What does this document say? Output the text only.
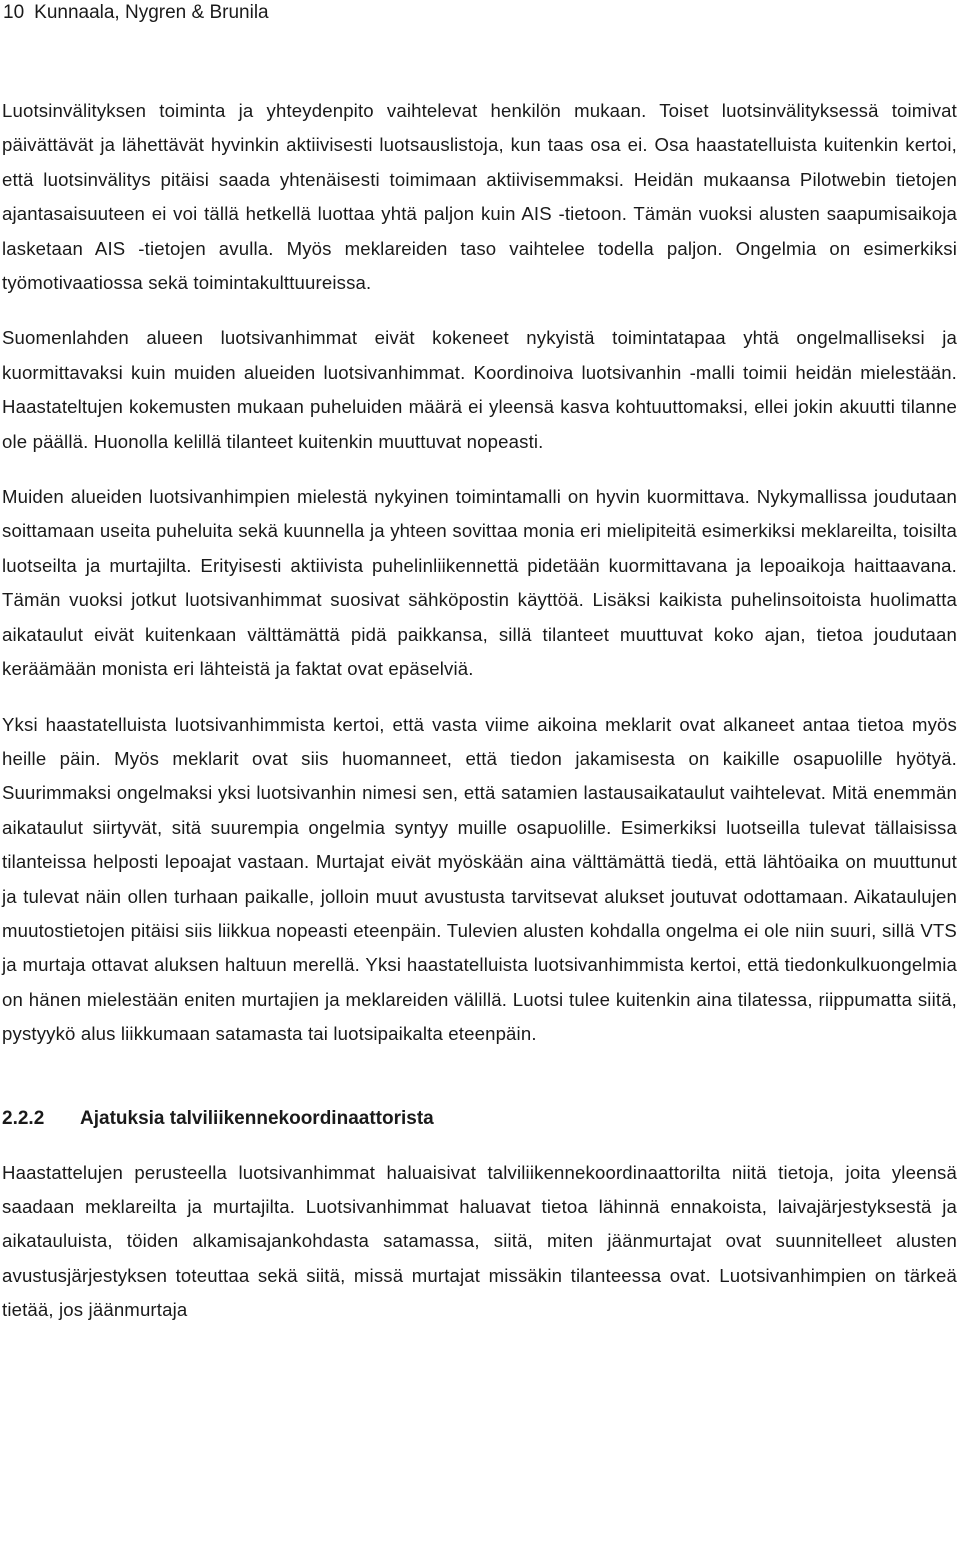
10 Kunnaala, Nygren & Brunila

Luotsinvälityksen toiminta ja yhteydenpito vaihtelevat henkilön mukaan. Toiset luotsinvälityksessä toimivat päivättävät ja lähettävät hyvinkin aktiivisesti luotsauslistoja, kun taas osa ei. Osa haastatelluista kuitenkin kertoi, että luotsinvälitys pitäisi saada yhtenäisesti toimimaan aktiivisemmaksi. Heidän mukaansa Pilotwebin tietojen ajantasaisuuteen ei voi tällä hetkellä luottaa yhtä paljon kuin AIS -tietoon. Tämän vuoksi alusten saapumisaikoja lasketaan AIS -tietojen avulla. Myös meklareiden taso vaihtelee todella paljon. Ongelmia on esimerkiksi työmotivaatiossa sekä toimintakulttuureissa.

Suomenlahden alueen luotsivanhimmat eivät kokeneet nykyistä toimintatapaa yhtä ongelmalliseksi ja kuormittavaksi kuin muiden alueiden luotsivanhimmat. Koordinoiva luotsivanhin -malli toimii heidän mielestään. Haastateltujen kokemusten mukaan puheluiden määrä ei yleensä kasva kohtuuttomaksi, ellei jokin akuutti tilanne ole päällä. Huonolla kelillä tilanteet kuitenkin muuttuvat nopeasti.

Muiden alueiden luotsivanhimpien mielestä nykyinen toimintamalli on hyvin kuormittava. Nykymallissa joudutaan soittamaan useita puheluita sekä kuunnella ja yhteen sovittaa monia eri mielipiteitä esimerkiksi meklareilta, toisilta luotseilta ja murtajilta. Erityisesti aktiivista puhelinliikennettä pidetään kuormittavana ja lepoaikoja haittaavana. Tämän vuoksi jotkut luotsivanhimmat suosivat sähköpostin käyttöä. Lisäksi kaikista puhelinsoitoista huolimatta aikataulut eivät kuitenkaan välttämättä pidä paikkansa, sillä tilanteet muuttuvat koko ajan, tietoa joudutaan keräämään monista eri lähteistä ja faktat ovat epäselviä.

Yksi haastatelluista luotsivanhimmista kertoi, että vasta viime aikoina meklarit ovat alkaneet antaa tietoa myös heille päin. Myös meklarit ovat siis huomanneet, että tiedon jakamisesta on kaikille osapuolille hyötyä. Suurimmaksi ongelmaksi yksi luotsivanhin nimesi sen, että satamien lastausaikataulut vaihtelevat. Mitä enemmän aikataulut siirtyvät, sitä suurempia ongelmia syntyy muille osapuolille. Esimerkiksi luotseilla tulevat tällaisissa tilanteissa helposti lepoajat vastaan. Murtajat eivät myöskään aina välttämättä tiedä, että lähtöaika on muuttunut ja tulevat näin ollen turhaan paikalle, jolloin muut avustusta tarvitsevat alukset joutuvat odottamaan. Aikataulujen muutostietojen pitäisi siis liikkua nopeasti eteenpäin. Tulevien alusten kohdalla ongelma ei ole niin suuri, sillä VTS ja murtaja ottavat aluksen haltuun merellä. Yksi haastatelluista luotsivanhimmista kertoi, että tiedonkulkuongelmia on hänen mielestään eniten murtajien ja meklareiden välillä. Luotsi tulee kuitenkin aina tilatessa, riippumatta siitä, pystyykö alus liikkumaan satamasta tai luotsipaikalta eteenpäin.

2.2.2 Ajatuksia talviliikennekoordinaattorista

Haastattelujen perusteella luotsivanhimmat haluaisivat talviliikennekoordinaattorilta niitä tietoja, joita yleensä saadaan meklareilta ja murtajilta. Luotsivanhimmat haluavat tietoa lähinnä ennakoista, laivajärjestyksestä ja aikatauluista, töiden alkamisajankohdasta satamassa, siitä, miten jäänmurtajat ovat suunnitelleet alusten avustusjärjestyksen toteuttaa sekä siitä, missä murtajat missäkin tilanteessa ovat. Luotsivanhimpien on tärkeä tietää, jos jäänmurtaja
